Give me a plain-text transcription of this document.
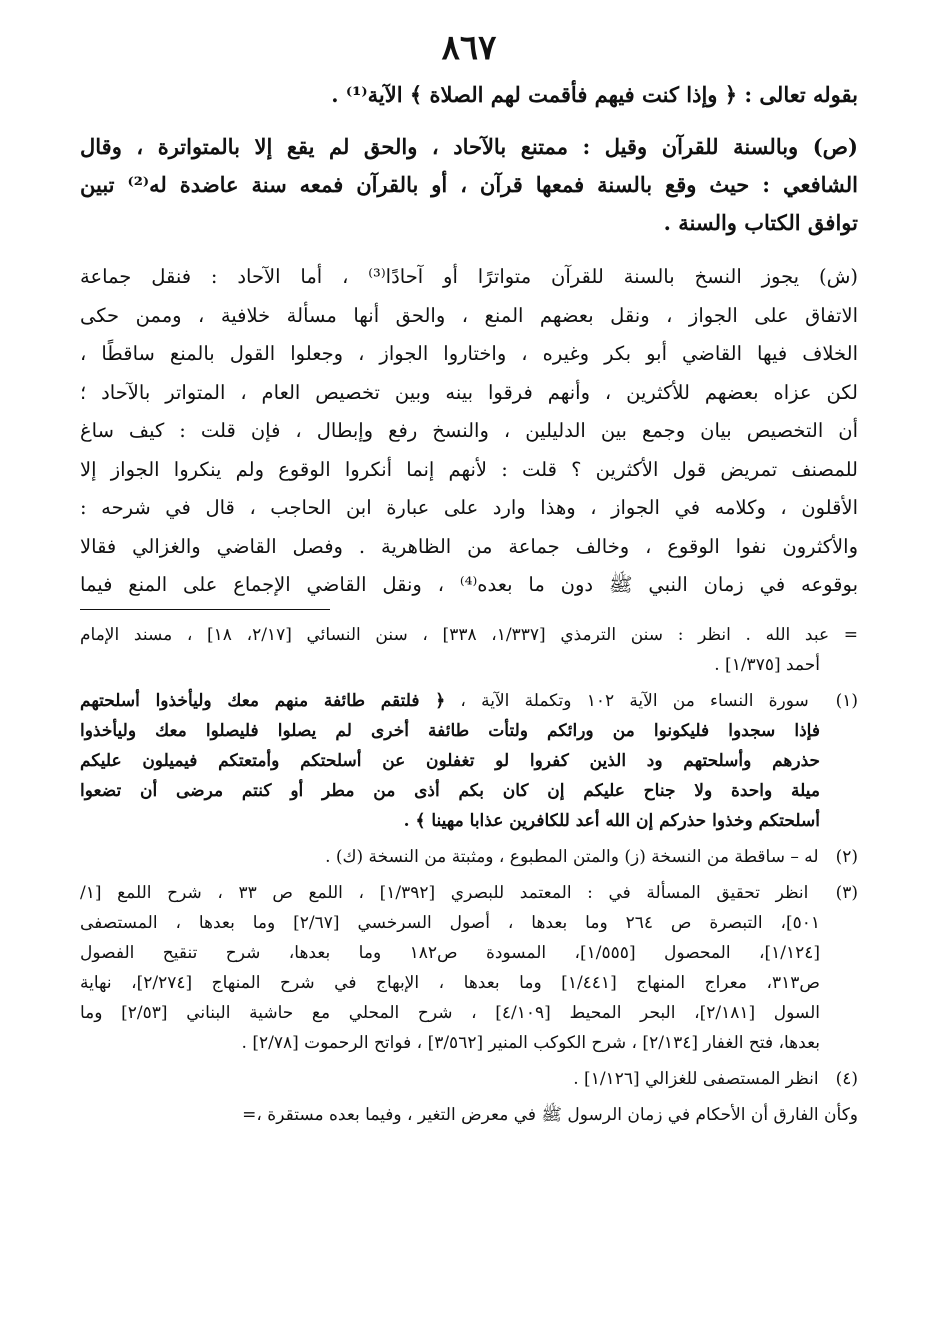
٨٦٧
بقوله تعالى : ﴿ وإذا كنت فيهم فأقمت لهم الصلاة ﴾ الآية⁽¹⁾ .
(ص) وبالسنة للقرآن وقيل : ممتنع بالآحاد ، والحق لم يقع إلا بالمتواترة ، وقال
الشافعي : حيث وقع بالسنة فمعها قرآن ، أو بالقرآن فمعه سنة عاضدة له⁽²⁾ تبين
توافق الكتاب والسنة .
(ش) يجوز النسخ بالسنة للقرآن متواترًا أو آحادًا⁽³⁾ ، أما الآحاد : فنقل جماعة
الاتفاق على الجواز ، ونقل بعضهم المنع ، والحق أنها مسألة خلافية ، وممن حكى
الخلاف فيها القاضي أبو بكر وغيره ، واختاروا الجواز ، وجعلوا القول بالمنع ساقطًا ،
لكن عزاه بعضهم للأكثرين ، وأنهم فرقوا بينه وبين تخصيص العام ، المتواتر بالآحاد ؛
أن التخصيص بيان وجمع بين الدليلين ، والنسخ رفع وإبطال ، فإن قلت : كيف ساغ
للمصنف تمريض قول الأكثرين ؟ قلت : لأنهم إنما أنكروا الوقوع ولم ينكروا الجواز إلا
الأقلون ، وكلامه في الجواز ، وهذا وارد على عبارة ابن الحاجب ، قال في شرحه :
والأكثرون نفوا الوقوع ، وخالف جماعة من الظاهرية . وفصل القاضي والغزالي فقالا
بوقوعه في زمان النبي ﷺ دون ما بعده⁽⁴⁾ ، ونقل القاضي الإجماع على المنع فيما
= عبد الله . انظر : سنن الترمذي [١/٣٣٧، ٣٣٨] ، سنن النسائي [٢/١٧، ١٨] ، مسند الإمام
أحمد [١/٣٧٥] .
(١) سورة النساء من الآية ١٠٢ وتكملة الآية ، ﴿ فلتقم طائفة منهم معك وليأخذوا أسلحتهم
فإذا سجدوا فليكونوا من ورائكم ولتأت طائفة أخرى لم يصلوا فليصلوا معك وليأخذوا
حذرهم وأسلحتهم ود الذين كفروا لو تغفلون عن أسلحتكم وأمتعتكم فيميلون عليكم
ميلة واحدة ولا جناح عليكم إن كان بكم أذى من مطر أو كنتم مرضى أن تضعوا
أسلحتكم وخذوا حذركم إن الله أعد للكافرين عذابا مهينا ﴾ .
(٢) له – ساقطة من النسخة (ز) والمتن المطبوع ، ومثبتة من النسخة (ك) .
(٣) انظر تحقيق المسألة في : المعتمد للبصري [١/٣٩٢] ، اللمع ص ٣٣ ، شرح اللمع [١/
٥٠١]، التبصرة ص ٢٦٤ وما بعدها ، أصول السرخسي [٢/٦٧] وما بعدها ، المستصفى
[١/١٢٤]، المحصول [١/٥٥٥]، المسودة ص١٨٢ وما بعدها، شرح تنقيح الفصول
ص٣١٣، معراج المنهاج [١/٤٤١] وما بعدها ، الإبهاج في شرح المنهاج [٢/٢٧٤]، نهاية
السول [٢/١٨١]، البحر المحيط [٤/١٠٩] ، شرح المحلي مع حاشية البناني [٢/٥٣] وما
بعدها، فتح الغفار [٢/١٣٤] ، شرح الكوكب المنير [٣/٥٦٢] ، فواتح الرحموت [٢/٧٨] .
(٤) انظر المستصفى للغزالي [١/١٢٦] .
وكأن الفارق أن الأحكام في زمان الرسول ﷺ في معرض التغير ، وفيما بعده مستقرة ،=
